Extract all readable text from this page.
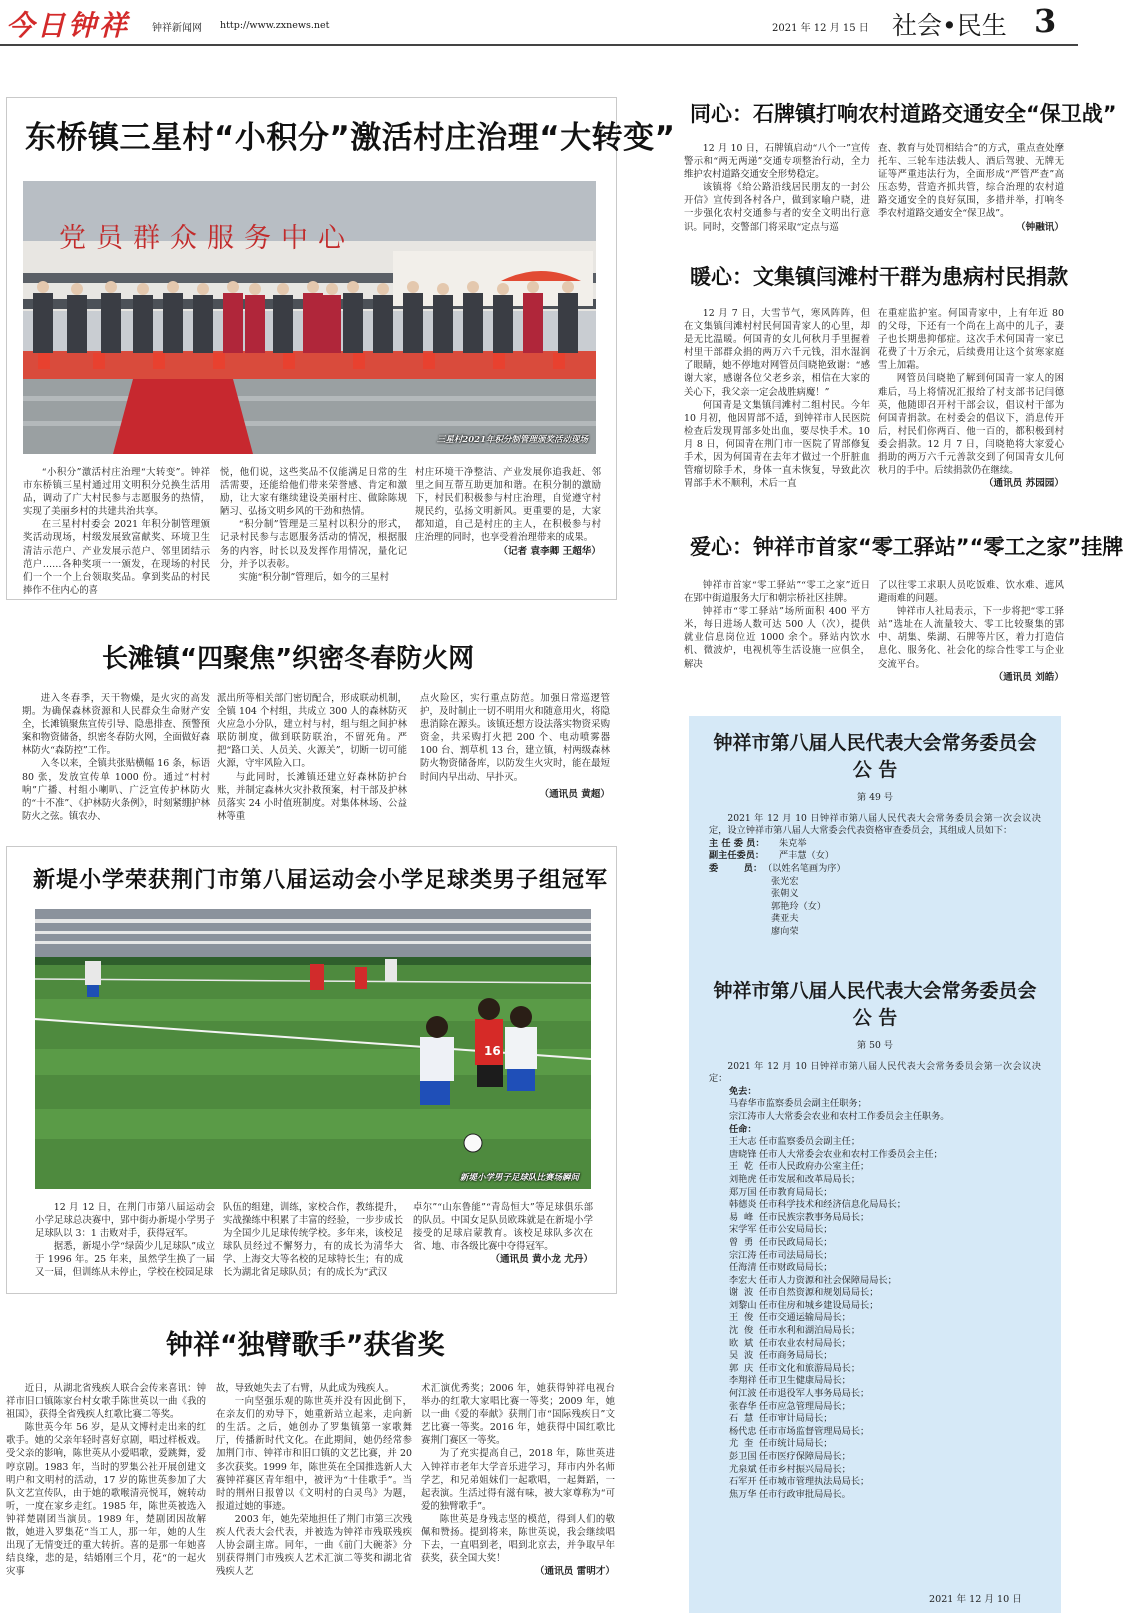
今日钟祥 钟祥新闻网 http://www.zxnews.net	2021 年 12 月 15 日 社会•民生 3
东桥镇三星村“小积分”激活村庄治理“大转变”
党员群众服务中心
三星村2021年积分制管理颁奖活动现场

“小积分”激活村庄治理“大转变”。钟祥市东桥镇三星村通过用文明积分兑换生活用品，调动了广大村民参与志愿服务的热情，实现了美丽乡村的共建共治共享。

在三星村村委会 2021 年积分制管理颁奖活动现场，村级发展致富献奖、环境卫生清洁示范户、产业发展示范户、邻里团结示范户……各种奖项一一颁发，在现场的村民们一个一个上台领取奖品。拿到奖品的村民捧作不住内心的喜

悦，他们说，这些奖品不仅能满足日常的生活需要，还能给他们带来荣誉感、肯定和激励，让大家有继续建设美丽村庄、做除陈规陋习、弘扬文明乡风的干劲和热情。

“积分制”管理是三星村以积分的形式，记录村民参与志愿服务活动的情况，根据服务的内容，时长以及发挥作用情况，量化记分，并予以表彰。

实施“积分制”管理后，如今的三星村

村庄环境干净整洁、产业发展你追我赶、邻里之间互帮互助更加和谐。在积分制的激励下，村民们积极参与村庄治理，自觉遵守村规民约，弘扬文明新风。更重要的是，大家都知道，自己是村庄的主人，在积极参与村庄治理的同时，也享受着治理带来的成果。

（记者 袁李卿 王超华）
长滩镇“四聚焦”织密冬春防火网

进入冬春季，天干物燥，是火灾的高发期。为确保森林资源和人民群众生命财产安全，长滩镇聚焦宣传引导、隐患排查、预警预案和物资储备，织密冬春防火网，全面做好森林防火“森防控”工作。

入冬以来，全镇共张贴横幅 16 条，标语 80 张，发放宣传单 1000 份。通过“村村响”广播、村组小喇叭、广泛宣传护林防火的“十不准”、《护林防火条例》，时刻紧绷护林防火之弦。镇农办、

派出所等相关部门密切配合，形成联动机制，全镇 104 个村组，共成立 300 人的森林防灭火应急小分队，建立村与村，组与组之间护林联防制度，做到联防联治，不留死角。严把“路口关、人员关、火源关”，切断一切可能火源，守牢风险入口。

与此同时，长滩镇还建立好森林防护台账，并制定森林火灾扑救预案，村干部及护林员落实 24 小时值班制度。对集体林场、公益林等重

点火险区，实行重点防范。加强日常巡逻管护，及时制止一切不明用火和随意用火，将隐患消除在源头。该镇还想方设法落实物资采购资金，共采购打火把 200 个、电动喷雾器 100 台、割草机 13 台，建立镇，村两级森林防火物资储备库，以防发生火灾时，能在最短时间内早出动、早扑灭。

（通讯员 黄超）
新堤小学荣获荆门市第八届运动会小学足球类男子组冠军
16
新堤小学男子足球队比赛场瞬间

12 月 12 日，在荆门市第八届运动会小学足球总决赛中，郢中街办新堤小学男子足球队以 3：1 击败对手，获得冠军。

据悉，新堤小学“绿茵少儿足球队”成立于 1996 年。25 年来，虽然学生换了一届又一届，但训练从未停止，学校在校园足球

队伍的组建，训练，家校合作，教练提升，实战操练中积累了丰富的经验，一步步成长为全国少儿足球传统学校。多年来，该校足球队员经过不懈努力，有的成长为清华大学、上海交大等名校的足球特长生；有的成长为湖北省足球队员；有的成长为“武汉

卓尔”“山东鲁能”“青岛恒大”等足球俱乐部的队员。中国女足队员欧珠就是在新堤小学接受的足球启蒙教育。该校足球队多次在省、地、市各级比赛中夺得冠军。

（通讯员 黄小龙 尤丹）
钟祥“独臂歌手”获省奖

近日，从湖北省残疾人联合会传来喜讯：钟祥市旧口镇陈家台村女歌手陈世英以一曲《我的祖国》，获得全省残疾人红歌比赛二等奖。

陈世英今年 56 岁，是从文博村走出来的红歌手。她的父亲年轻时喜好京剧，唱过样板戏。受父亲的影响，陈世英从小爱唱歌，爱跳舞，爱哼京剧。1983 年，当时的罗集公社开展创建文明户和文明村的活动，17 岁的陈世英参加了大队文艺宣传队，由于她的歌喉清亮悦耳，婉转动听，一度在家乡走红。1985 年，陈世英被选入钟祥楚剧团当演员。1989 年，楚剧团因故解散，她进入罗集花“当工人，那一年，她的人生出现了无情变迁的重大转折。喜的是那一年她喜结良缘，悲的是，结婚刚三个月，花“的一起火灾事

故，导致她失去了右臂，从此成为残疾人。

一向坚强乐观的陈世英并没有因此倒下，在亲友们的劝导下，她重新站立起来，走向新的生活。之后，她创办了罗集镇第一家歌舞厅，传播新时代文化。在此期间，她仍经常参加荆门市、钟祥市和旧口镇的文艺比赛，并 20 多次获奖。1999 年，陈世英在全国推选新人大赛钟祥赛区青年组中，被评为“十佳歌手”。当时的荆州日报曾以《文明村的白灵鸟》为题，报道过她的事迹。

2003 年，她先荣地担任了荆门市第三次残疾人代表大会代表，并被选为钟祥市残联残疾人协会副主席。同年，一曲《前门大碗茶》分别获得荆门市残疾人艺术汇演二等奖和湖北省残疾人艺

术汇演优秀奖；2006 年，她获得钟祥电视台举办的红歌大家唱比赛一等奖；2009 年，她以一曲《爱的奉献》获荆门市“国际残疾日”文艺比赛一等奖。2016 年，她获得中国红歌比赛荆门赛区一等奖。

为了充实提高自己，2018 年，陈世英进入钟祥市老年大学音乐进学习，拜市内外名师学艺，和兄弟姐妹们一起歌唱，一起舞蹈，一起表演。生活过得有滋有味，被大家尊称为“可爱的独臂歌手”。

陈世英是身残志坚的模范，得到人们的敬佩和赞扬。提到将来，陈世英说，我会继续唱下去，一直唱到老，唱到北京去，并争取早年获奖，获全国大奖！

（通讯员 雷明才）
同心：石牌镇打响农村道路交通安全“保卫战”

12 月 10 日，石牌镇启动“八个一”宣传警示和“两无两递”交通专项整治行动，全力维护农村道路交通安全形势稳定。

该镇将《给公路沿线居民朋友的一封公开信》宣传到各村各户，做到家喻户晓，进一步强化农村交通参与者的安全文明出行意识。同时，交警部门将采取“定点与巡

查、教育与处罚相结合”的方式，重点查处摩托车、三轮车违法载人、酒后驾驶、无牌无证等严重违法行为，全面形成“严管严查”高压态势，营造齐抓共管，综合治理的农村道路交通安全的良好氛围，多措并举，打响冬季农村道路交通安全“保卫战”。

（钟融讯）
暖心：文集镇闫滩村干群为患病村民捐款

12 月 7 日，大雪节气，寒风阵阵，但在文集镇闫滩村村民何国青家人的心里，却是无比温暖。何国青的女儿何秋月手里握着村里干部群众捐的两万六千元钱，泪水湿润了眼睛，她不停地对网管员闫晓艳致谢：“感谢大家，感谢各位父老乡亲，相信在大家的关心下，我父亲一定会战胜病魔！”

何国青是文集镇闫滩村二组村民。今年 10 月初，他因胃部不适，到钟祥市人民医院检查后发现胃部多处出血，要尽快手术。10 月 8 日，何国青在荆门市一医院了胃部修复手术，因为何国青在去年才做过一个肝脏血管瘤切除手术，身体一直未恢复，导致此次胃部手术不顺利，术后一直

在重症监护室。何国青家中，上有年近 80 的父母，下还有一个尚在上高中的儿子，妻子也长期患抑郁症。这次手术何国青一家已花费了十万余元，后续费用让这个贫寒家庭雪上加霜。

网管员闫晓艳了解到何国青一家人的困难后，马上将情况汇报给了村支部书记闫德英，他随即召开村干部会议，倡议村干部为何国青捐款。在村委会的倡议下，消息传开后，村民们你两百、他一百的，都积极到村委会捐款。12 月 7 日，闫晓艳将大家爱心捐助的两万六千元善款交到了何国青女儿何秋月的手中。后续捐款仍在继续。

（通讯员 苏园园）
爱心：钟祥市首家“零工驿站”“零工之家”挂牌

钟祥市首家“零工驿站”“零工之家”近日在郢中街道服务大厅和朝宗桥社区挂牌。

钟祥市“零工驿站”场所面积 400 平方米，每日进场人数可达 500 人（次），提供就业信息岗位近 1000 余个。驿站内饮水机、微波炉，电视机等生活设施一应俱全，解决

了以往零工求职人员吃饭难、饮水难、遮风避雨难的问题。

钟祥市人社局表示，下一步将把“零工驿站”选址在人流量较大、零工比较聚集的郢中、胡集、柴湖、石牌等片区，着力打造信息化、服务化、社会化的综合性零工与企业交流平台。

（通讯员 刘皓）
钟祥市第八届人民代表大会常务委员会
公 告
第 49 号
2021 年 12 月 10 日钟祥市第八届人民代表大会常务委员会第一次会议决定，设立钟祥市第八届人大常委会代表资格审查委员会，其组成人员如下：
主 任 委 员：	朱克举
副主任委员：	严丰慧（女）
委        员： （以姓名笔画为序）
张光宏
张朝义
郭艳玲（女）
龚亚夫
廖向荣
钟祥市第八届人民代表大会常务委员会
公 告
第 50 号
2021 年 12 月 10 日钟祥市第八届人民代表大会常务委员会第一次会议决定：
免去：
马春华市监察委员会副主任职务；
宗江涛市人大常委会农业和农村工作委员会主任职务。
任命：
王大志 任市监察委员会副主任；
唐晓锋 任市人大常委会农业和农村工作委员会主任；
王  乾 任市人民政府办公室主任；
刘艳虎 任市发展和改革局局长；
郑万国 任市教育局局长；
韩德炎 任市科学技术和经济信息化局局长；
易  峰 任市民族宗教事务局局长；
宋学军 任市公安局局长；
曾  勇 任市民政局局长；
宗江涛 任市司法局局长；
任海清 任市财政局局长；
李宏大 任市人力资源和社会保障局局长；
谢  波 任市自然资源和规划局局长；
刘黎山 任市住房和城乡建设局局长；
王  俊 任市交通运输局局长；
沈  俊 任市水利和湖泊局局长；
欧  斌 任市农业农村局局长；
吴  波 任市商务局局长；
郭  庆 任市文化和旅游局局长；
李翔祥 任市卫生健康局局长；
何江波 任市退役军人事务局局长；
张春华 任市应急管理局局长；
石  慧 任市审计局局长；
杨代忠 任市市场监督管理局局长；
尤  奎 任市统计局局长；
彭卫国 任市医疗保障局局长；
尤泉斌 任市乡村振兴局局长；
石军开 任市城市管理执法局局长；
焦万华 任市行政审批局局长。
2021 年 12 月 10 日
